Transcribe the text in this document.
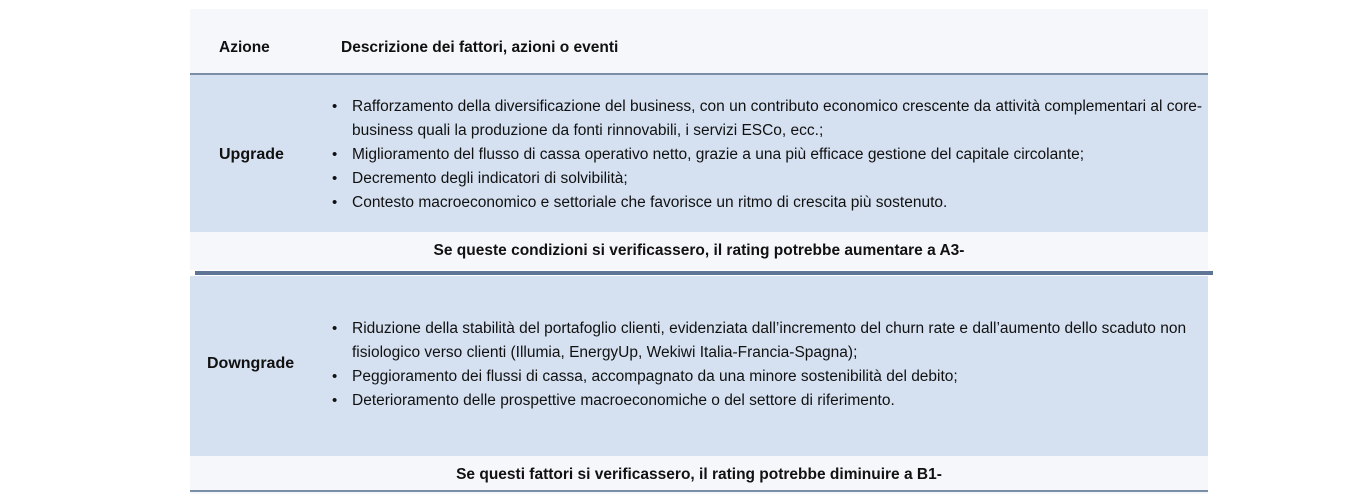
Azione	Descrizione dei fattori, azioni o eventi
Upgrade
• Rafforzamento della diversificazione del business, con un contributo economico crescente da attività complementari al core-business quali la produzione da fonti rinnovabili, i servizi ESCo, ecc.;
• Miglioramento del flusso di cassa operativo netto, grazie a una più efficace gestione del capitale circolante;
• Decremento degli indicatori di solvibilità;
• Contesto macroeconomico e settoriale che favorisce un ritmo di crescita più sostenuto.
Se queste condizioni si verificassero, il rating potrebbe aumentare a A3-
Downgrade
• Riduzione della stabilità del portafoglio clienti, evidenziata dall’incremento del churn rate e dall’aumento dello scaduto non fisiologico verso clienti (Illumia, EnergyUp, Wekiwi Italia-Francia-Spagna);
• Peggioramento dei flussi di cassa, accompagnato da una minore sostenibilità del debito;
• Deterioramento delle prospettive macroeconomiche o del settore di riferimento.
Se questi fattori si verificassero, il rating potrebbe diminuire a B1-
